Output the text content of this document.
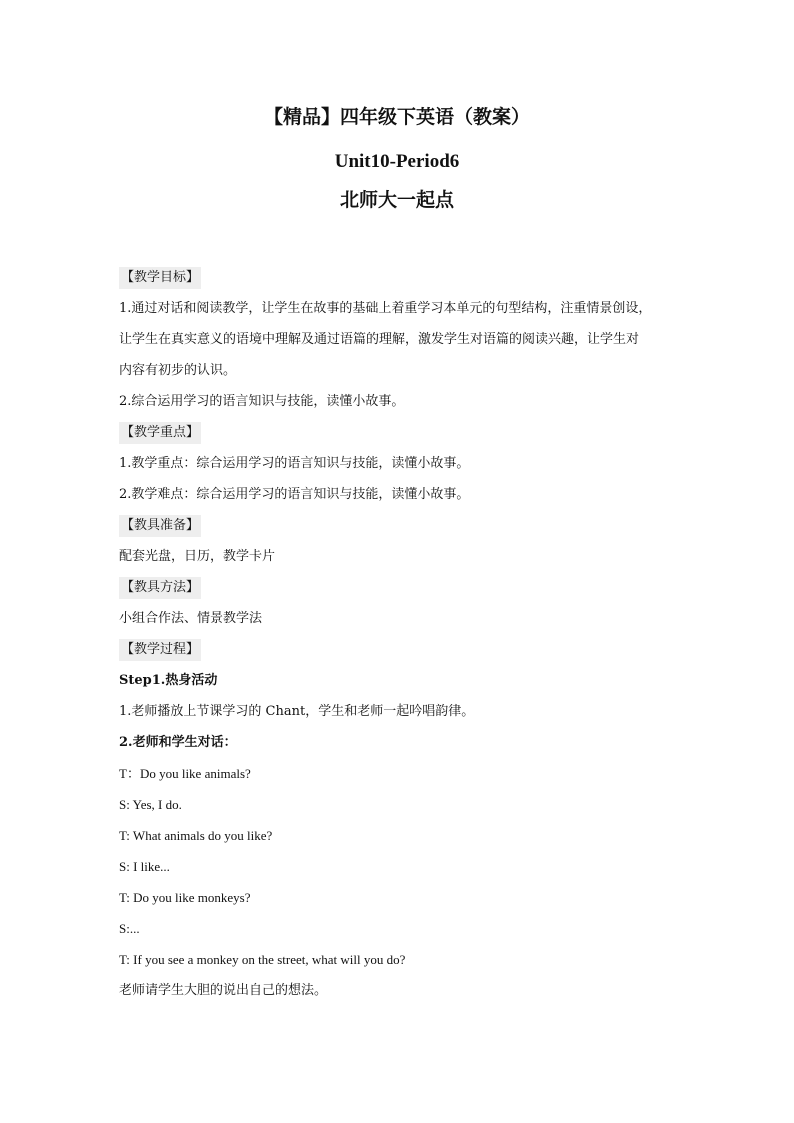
【精品】四年级下英语（教案）
Unit10-Period6
北师大一起点
【教学目标】
1.通过对话和阅读教学，让学生在故事的基础上着重学习本单元的句型结构，注重情景创设，
让学生在真实意义的语境中理解及通过语篇的理解，激发学生对语篇的阅读兴趣，让学生对
内容有初步的认识。
2.综合运用学习的语言知识与技能，读懂小故事。
【教学重点】
1.教学重点：综合运用学习的语言知识与技能，读懂小故事。
2.教学难点：综合运用学习的语言知识与技能，读懂小故事。
【教具准备】
配套光盘，日历，教学卡片
【教具方法】
小组合作法、情景教学法
【教学过程】
Step1.热身活动
1.老师播放上节课学习的 Chant，学生和老师一起吟唱韵律。
2.老师和学生对话：
T：Do you like animals?
S: Yes, I do.
T: What animals do you like?
S: I like...
T: Do you like monkeys?
S:...
T: If you see a monkey on the street, what will you do?
老师请学生大胆的说出自己的想法。
